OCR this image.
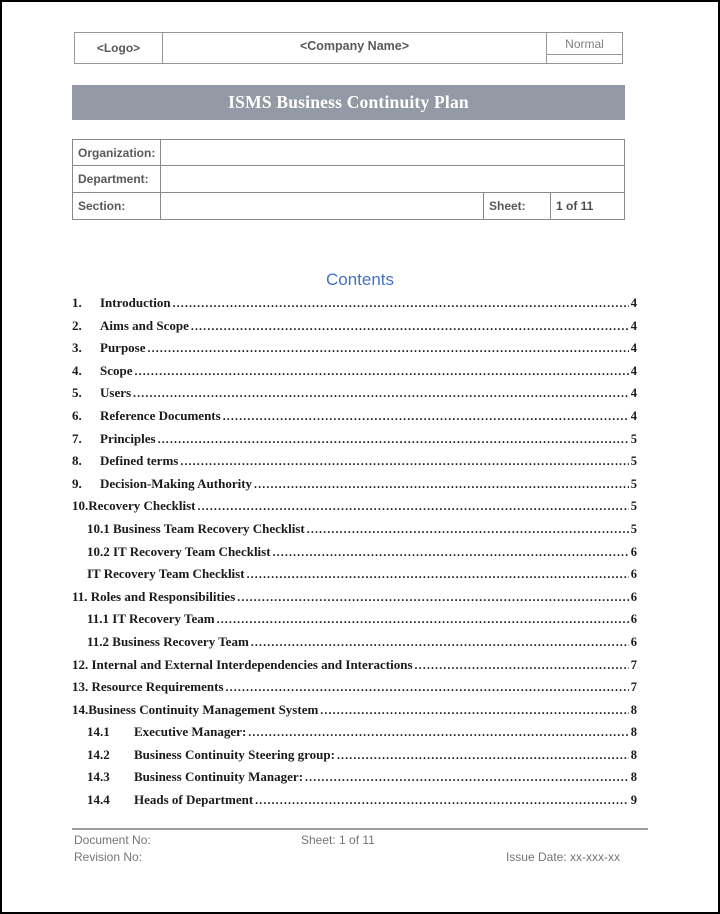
<Logo>	<Company Name>	Normal
ISMS Business Continuity Plan
Organization:
Department:
Section:	Sheet:	1 of 11
Contents
1.	Introduction .....	4
2.	Aims and Scope .....	4
3.	Purpose .....	4
4.	Scope .....	4
5.	Users .....	4
6.	Reference Documents .....	4
7.	Principles .....	5
8.	Defined terms .....	5
9.	Decision-Making Authority .....	5
10.Recovery Checklist .....	5
10.1 Business Team Recovery Checklist .....	5
10.2 IT Recovery Team Checklist .....	6
IT Recovery Team Checklist .....	6
11. Roles and Responsibilities .....	6
11.1 IT Recovery Team .....	6
11.2 Business Recovery Team .....	6
12. Internal and External Interdependencies and Interactions .....	7
13. Resource Requirements .....	7
14.Business Continuity Management System .....	8
14.1	Executive Manager: .....	8
14.2	Business Continuity Steering group: .....	8
14.3	Business Continuity Manager: .....	8
14.4	Heads of Department .....	9
Document No:	Sheet: 1 of 11
Revision No:	Issue Date: xx-xxx-xx
